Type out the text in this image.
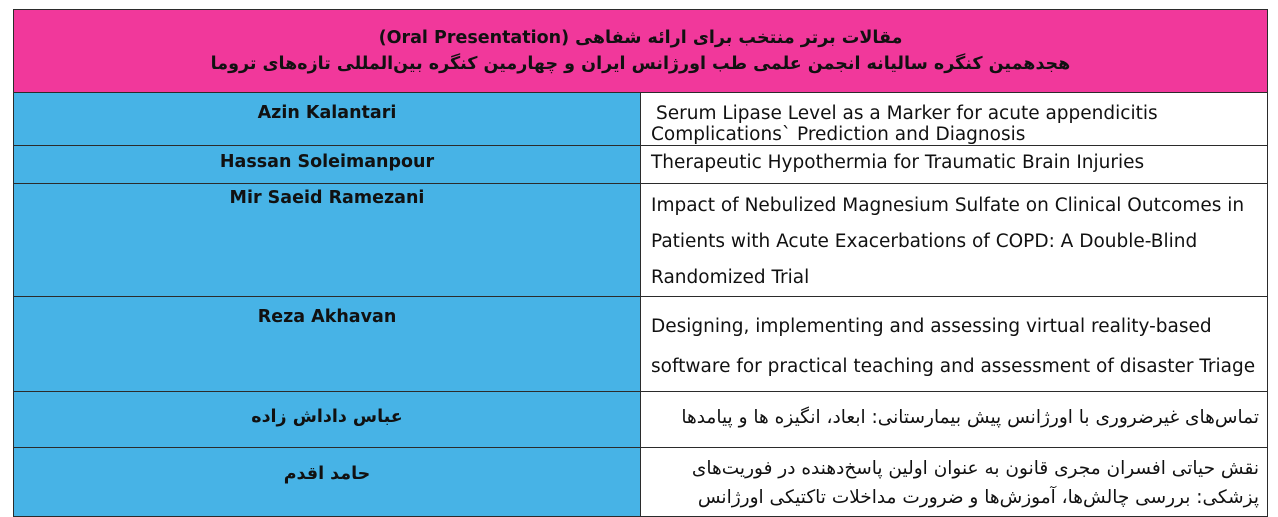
مقالات برتر منتخب برای ارائه شفاهی (Oral Presentation)
هجدهمین کنگره سالیانه انجمن علمی طب اورژانس ایران و چهارمین کنگره بین‌المللی تازه‌های تروما	

Azin Kalantari	Serum Lipase Level as a Marker for acute appendicitis Complications` Prediction and Diagnosis
Hassan Soleimanpour	Therapeutic Hypothermia for Traumatic Brain Injuries
Mir Saeid Ramezani	Impact of Nebulized Magnesium Sulfate on Clinical Outcomes in Patients with Acute Exacerbations of COPD: A Double-Blind Randomized Trial
Reza Akhavan	Designing, implementing and assessing virtual reality-based software for practical teaching and assessment of disaster Triage
عباس داداش زاده	تماس‌های غیرضروری با اورژانس پیش بیمارستانی: ابعاد، انگیزه ها و پیامدها
حامد اقدم	نقش حیاتی افسران مجری قانون به عنوان اولین پاسخ‌دهنده در فوریت‌های پزشکی: بررسی چالش‌ها، آموزش‌ها و ضرورت مداخلات تاکتیکی اورژانس
